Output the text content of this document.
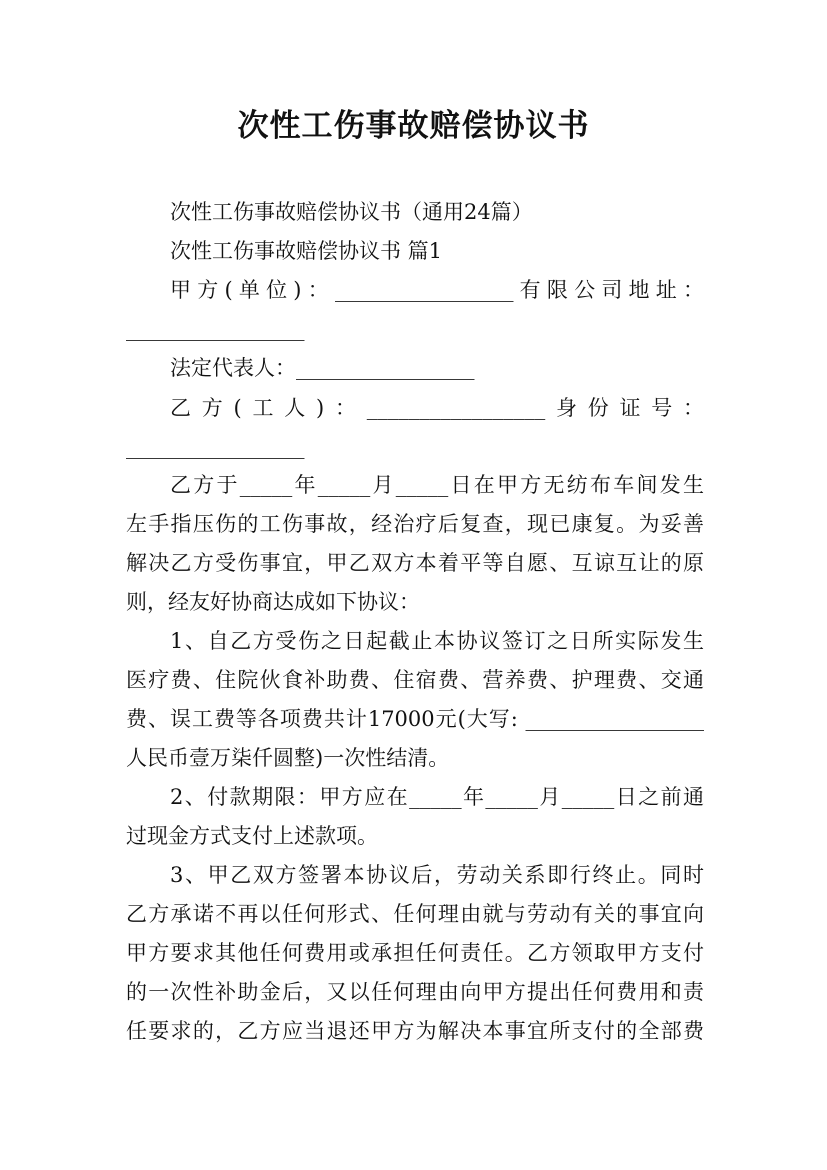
次性工伤事故赔偿协议书
次性工伤事故赔偿协议书（通用24篇）
次性工伤事故赔偿协议书 篇1
甲方(单位)：_________________有限公司地址：
_________________
法定代表人：_________________
乙方(工人)：_________________身份证号：
_________________
乙方于_____年_____月_____日在甲方无纺布车间发生
左手指压伤的工伤事故，经治疗后复查，现已康复。为妥善
解决乙方受伤事宜，甲乙双方本着平等自愿、互谅互让的原
则，经友好协商达成如下协议：
1、自乙方受伤之日起截止本协议签订之日所实际发生
医疗费、住院伙食补助费、住宿费、营养费、护理费、交通
费、误工费等各项费共计17000元(大写: _________________
人民币壹万柒仟圆整)一次性结清。
2、付款期限：甲方应在_____年_____月_____日之前通
过现金方式支付上述款项。
3、甲乙双方签署本协议后，劳动关系即行终止。同时
乙方承诺不再以任何形式、任何理由就与劳动有关的事宜向
甲方要求其他任何费用或承担任何责任。乙方领取甲方支付
的一次性补助金后，又以任何理由向甲方提出任何费用和责
任要求的，乙方应当退还甲方为解决本事宜所支付的全部费
